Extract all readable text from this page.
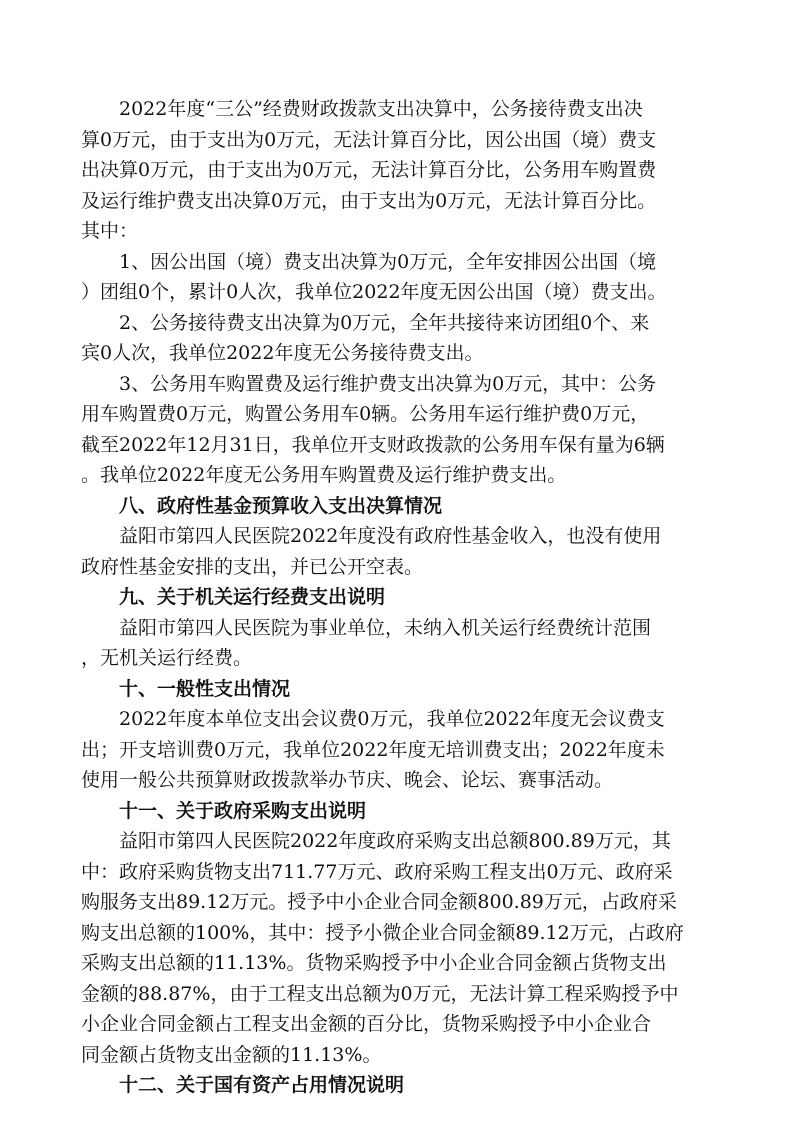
2022年度“三公”经费财政拨款支出决算中，公务接待费支出决
算0万元，由于支出为0万元，无法计算百分比，因公出国（境）费支
出决算0万元，由于支出为0万元，无法计算百分比，公务用车购置费
及运行维护费支出决算0万元，由于支出为0万元，无法计算百分比。
其中：
1、因公出国（境）费支出决算为0万元，全年安排因公出国（境
）团组0个，累计0人次，我单位2022年度无因公出国（境）费支出。
2、公务接待费支出决算为0万元，全年共接待来访团组0个、来
宾0人次，我单位2022年度无公务接待费支出。
3、公务用车购置费及运行维护费支出决算为0万元，其中：公务
用车购置费0万元，购置公务用车0辆。公务用车运行维护费0万元，
截至2022年12月31日，我单位开支财政拨款的公务用车保有量为6辆
。我单位2022年度无公务用车购置费及运行维护费支出。
八、政府性基金预算收入支出决算情况
益阳市第四人民医院2022年度没有政府性基金收入，也没有使用
政府性基金安排的支出，并已公开空表。
九、关于机关运行经费支出说明
益阳市第四人民医院为事业单位，未纳入机关运行经费统计范围
，无机关运行经费。
十、一般性支出情况
2022年度本单位支出会议费0万元，我单位2022年度无会议费支
出；开支培训费0万元，我单位2022年度无培训费支出；2022年度未
使用一般公共预算财政拨款举办节庆、晚会、论坛、赛事活动。
十一、关于政府采购支出说明
益阳市第四人民医院2022年度政府采购支出总额800.89万元，其
中：政府采购货物支出711.77万元、政府采购工程支出0万元、政府采
购服务支出89.12万元。授予中小企业合同金额800.89万元，占政府采
购支出总额的100%，其中：授予小微企业合同金额89.12万元，占政府
采购支出总额的11.13%。货物采购授予中小企业合同金额占货物支出
金额的88.87%，由于工程支出总额为0万元，无法计算工程采购授予中
小企业合同金额占工程支出金额的百分比，货物采购授予中小企业合
同金额占货物支出金额的11.13%。
十二、关于国有资产占用情况说明
